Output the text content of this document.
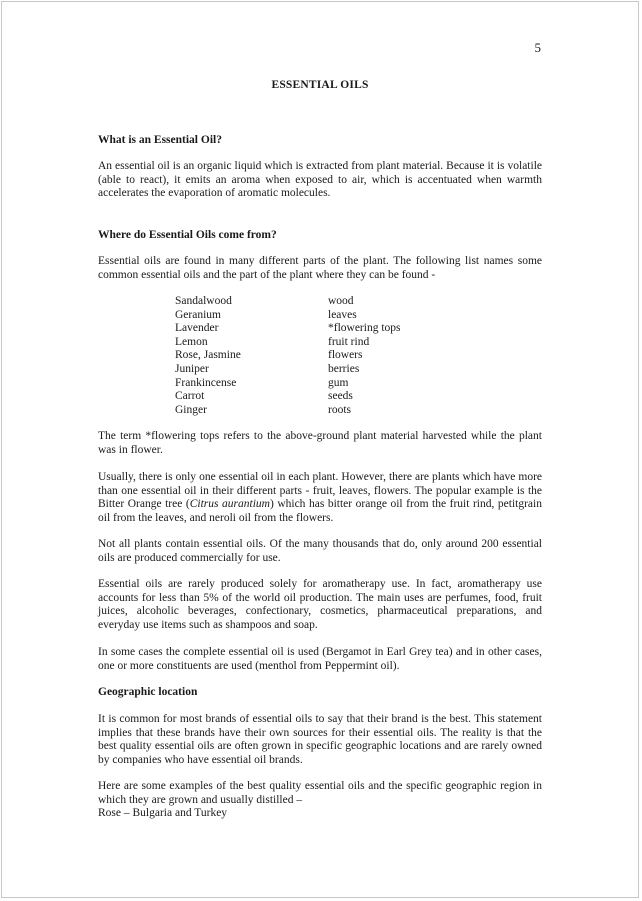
5
ESSENTIAL OILS
What is an Essential Oil?
An essential oil is an organic liquid which is extracted from plant material. Because it is volatile (able to react), it emits an aroma when exposed to air, which is accentuated when warmth accelerates the evaporation of aromatic molecules.
Where do Essential Oils come from?
Essential oils are found in many different parts of the plant. The following list names some common essential oils and the part of the plant where they can be found -
Sandalwood	wood
Geranium	leaves
Lavender	*flowering tops
Lemon	fruit rind
Rose, Jasmine	flowers
Juniper	berries
Frankincense	gum
Carrot	seeds
Ginger	roots
The term *flowering tops refers to the above-ground plant material harvested while the plant was in flower.
Usually, there is only one essential oil in each plant. However, there are plants which have more than one essential oil in their different parts - fruit, leaves, flowers. The popular example is the Bitter Orange tree (Citrus aurantium) which has bitter orange oil from the fruit rind, petitgrain oil from the leaves, and neroli oil from the flowers.
Not all plants contain essential oils. Of the many thousands that do, only around 200 essential oils are produced commercially for use.
Essential oils are rarely produced solely for aromatherapy use. In fact, aromatherapy use accounts for less than 5% of the world oil production. The main uses are perfumes, food, fruit juices, alcoholic beverages, confectionary, cosmetics, pharmaceutical preparations, and everyday use items such as shampoos and soap.
In some cases the complete essential oil is used (Bergamot in Earl Grey tea) and in other cases, one or more constituents are used (menthol from Peppermint oil).
Geographic location
It is common for most brands of essential oils to say that their brand is the best. This statement implies that these brands have their own sources for their essential oils. The reality is that the best quality essential oils are often grown in specific geographic locations and are rarely owned by companies who have essential oil brands.
Here are some examples of the best quality essential oils and the specific geographic region in which they are grown and usually distilled –
Rose – Bulgaria and Turkey
